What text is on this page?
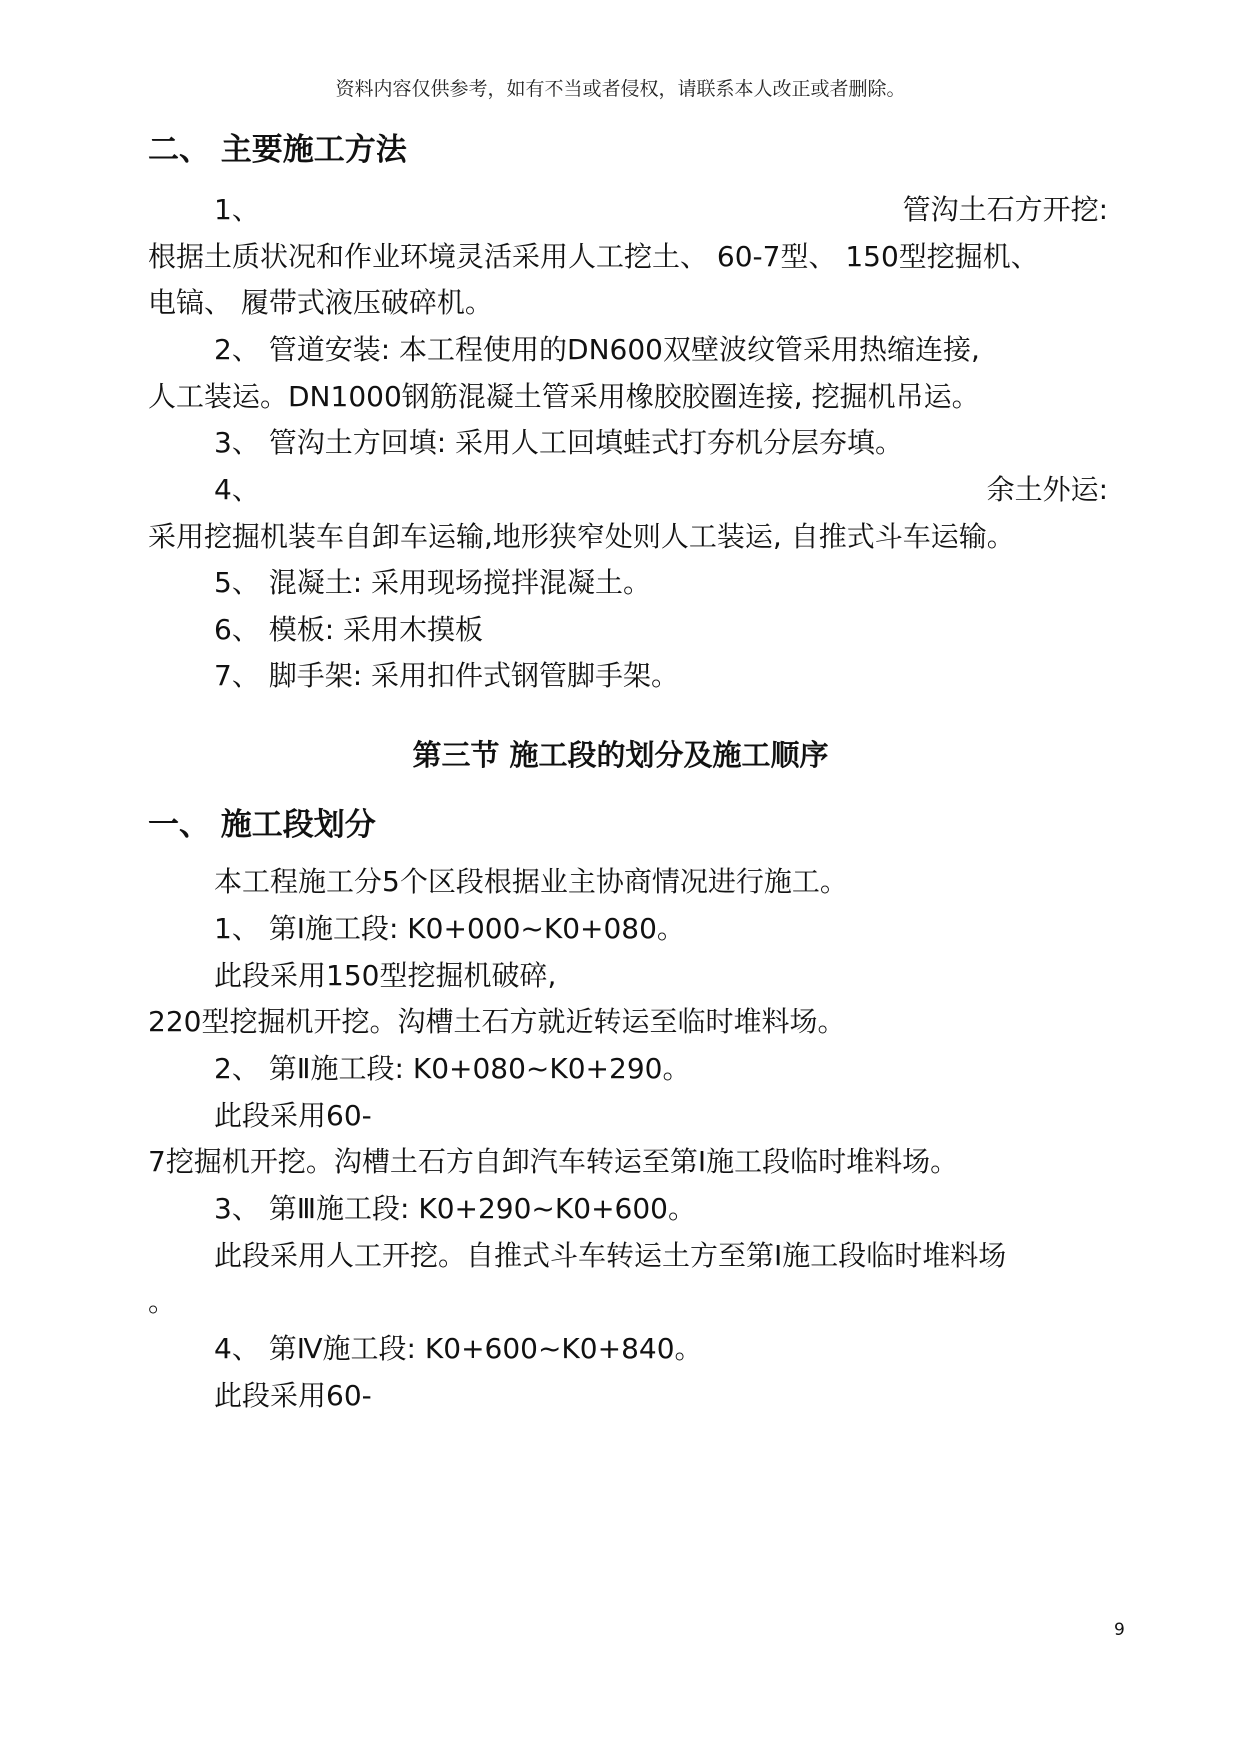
资料内容仅供参考，如有不当或者侵权，请联系本人改正或者删除。
二、 主要施工方法
1、	管沟土石方开挖:
根据土质状况和作业环境灵活采用人工挖土、 60-7型、 150型挖掘机、
电镐、 履带式液压破碎机。
2、 管道安装: 本工程使用的DN600双壁波纹管采用热缩连接,
人工装运。DN1000钢筋混凝土管采用橡胶胶圈连接, 挖掘机吊运。
3、 管沟土方回填: 采用人工回填蛙式打夯机分层夯填。
4、	余土外运:
采用挖掘机装车自卸车运输,地形狭窄处则人工装运, 自推式斗车运输。
5、 混凝土: 采用现场搅拌混凝土。
6、 模板: 采用木摸板
7、 脚手架: 采用扣件式钢管脚手架。
第三节 施工段的划分及施工顺序
一、 施工段划分
本工程施工分5个区段根据业主协商情况进行施工。
1、 第Ⅰ施工段: K0+000~K0+080。
此段采用150型挖掘机破碎,
220型挖掘机开挖。沟槽土石方就近转运至临时堆料场。
2、 第Ⅱ施工段: K0+080~K0+290。
此段采用60-
7挖掘机开挖。沟槽土石方自卸汽车转运至第Ⅰ施工段临时堆料场。
3、 第Ⅲ施工段: K0+290~K0+600。
此段采用人工开挖。自推式斗车转运土方至第Ⅰ施工段临时堆料场
。
4、 第Ⅳ施工段: K0+600~K0+840。
此段采用60-
9
